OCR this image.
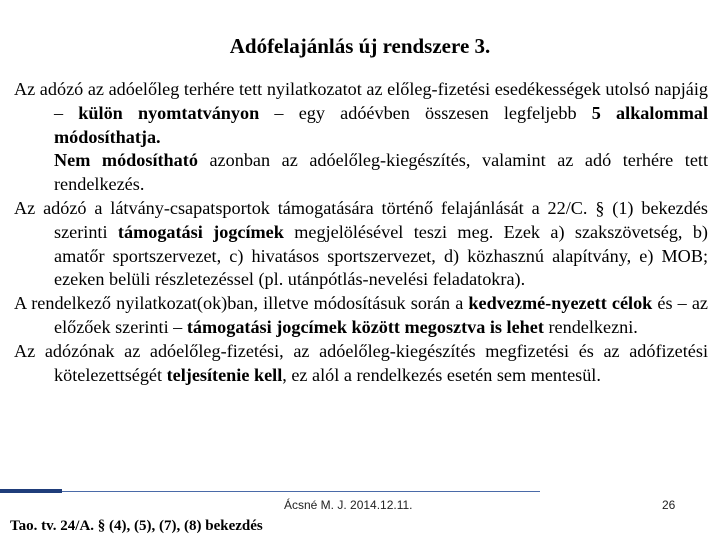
Adófelajánlás új rendszere 3.

Az adózó az adóelőleg terhére tett nyilatkozatot az előleg-fizetési esedékességek utolsó napjáig – külön nyomtatványon – egy adóévben összesen legfeljebb 5 alkalommal módosíthatja.

Nem módosítható azonban az adóelőleg-kiegészítés, valamint az adó terhére tett rendelkezés.

Az adózó a látvány-csapatsportok támogatására történő felajánlását a 22/C. § (1) bekezdés szerinti támogatási jogcímek megjelölésével teszi meg. Ezek a) szakszövetség, b) amatőr sportszervezet, c) hivatásos sportszervezet, d) közhasznú alapítvány, e) MOB; ezeken belüli részletezéssel (pl. utánpótlás-nevelési feladatokra).

A rendelkező nyilatkozat(ok)ban, illetve módosításuk során a kedvezmé-nyezett célok és – az előzőek szerinti – támogatási jogcímek között megosztva is lehet rendelkezni.

Az adózónak az adóelőleg-fizetési, az adóelőleg-kiegészítés megfizetési és az adófizetési kötelezettségét teljesítenie kell, ez alól a rendelkezés esetén sem mentesül.

Ácsné M. J. 2014.12.11.	26
Tao. tv. 24/A. § (4), (5), (7), (8) bekezdés
